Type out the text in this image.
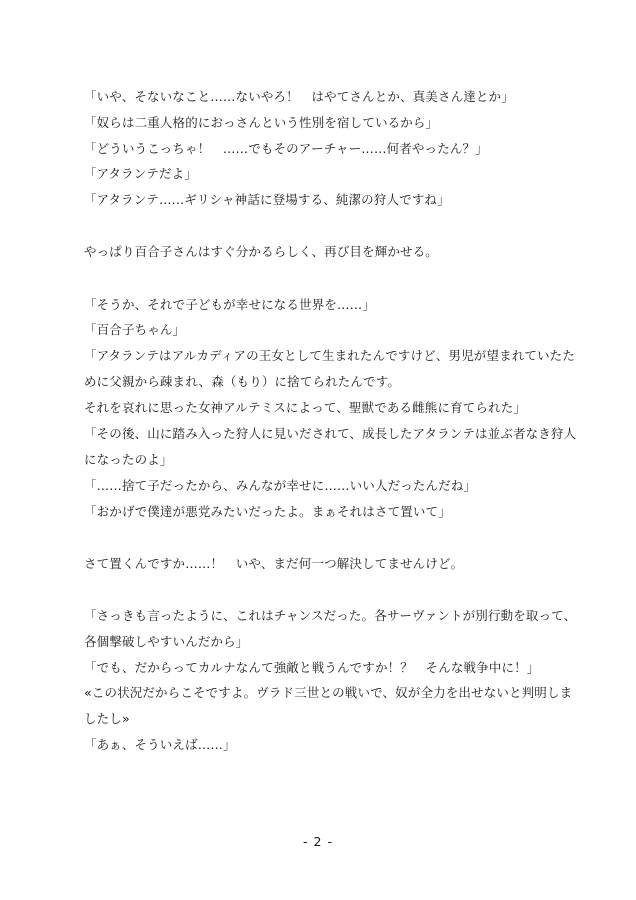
「いや、そないなこと……ないやろ！　はやてさんとか、真美さん達とか」
「奴らは二重人格的におっさんという性別を宿しているから」
「どういうこっちゃ！　……でもそのアーチャー……何者やったん？」
「アタランテだよ」
「アタランテ……ギリシャ神話に登場する、純潔の狩人ですね」
やっぱり百合子さんはすぐ分かるらしく、再び目を輝かせる。
「そうか、それで子どもが幸せになる世界を……」
「百合子ちゃん」
「アタランテはアルカディアの王女として生まれたんですけど、男児が望まれていたた
めに父親から疎まれ、森（もり）に捨てられたんです。
それを哀れに思った女神アルテミスによって、聖獣である雌熊に育てられた」
「その後、山に踏み入った狩人に見いだされて、成長したアタランテは並ぶ者なき狩人
になったのよ」
「……捨て子だったから、みんなが幸せに……いい人だったんだね」
「おかげで僕達が悪党みたいだったよ。まぁそれはさて置いて」
さて置くんですか……！　いや、まだ何一つ解決してませんけど。
「さっきも言ったように、これはチャンスだった。各サーヴァントが別行動を取って、
各個撃破しやすいんだから」
「でも、だからってカルナなんて強敵と戦うんですか！？　そんな戦争中に！」
«この状況だからこそですよ。ヴラド三世との戦いで、奴が全力を出せないと判明しま
したし»
「あぁ、そういえば……」
- 2 -
